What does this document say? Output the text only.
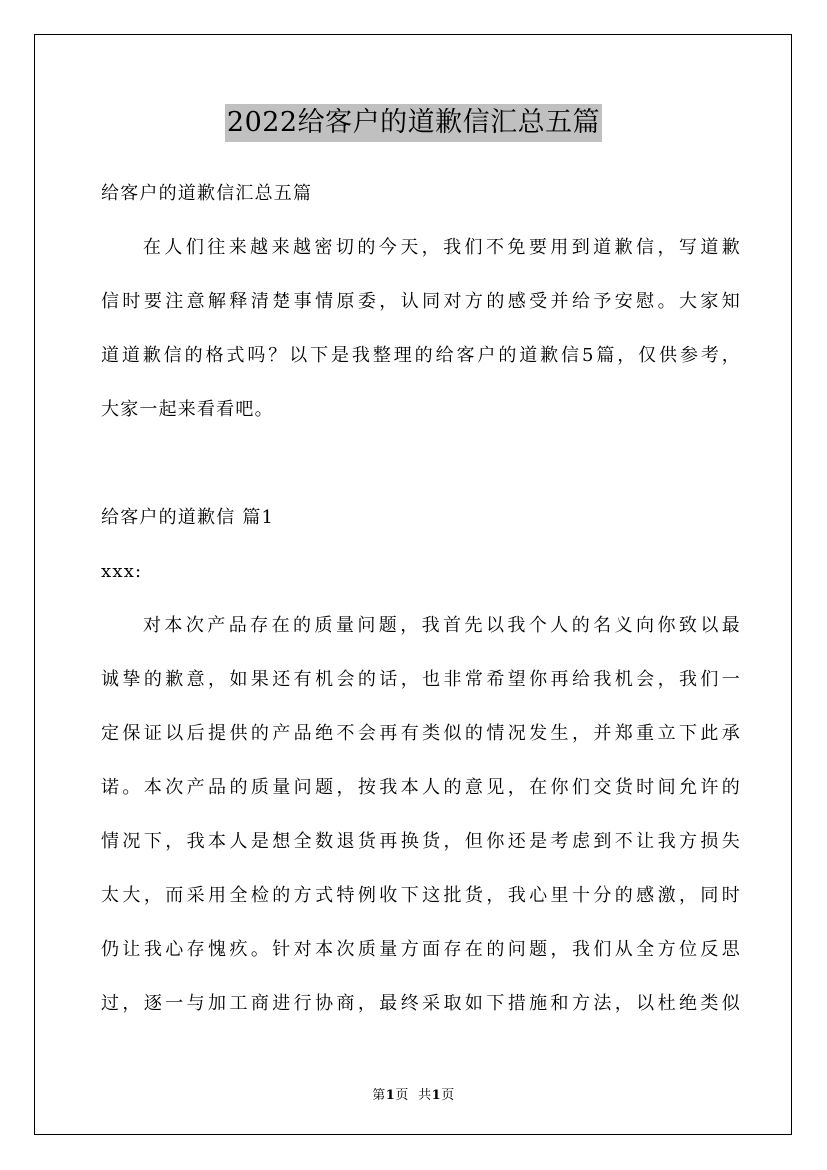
2022给客户的道歉信汇总五篇
给客户的道歉信汇总五篇
在人们往来越来越密切的今天，我们不免要用到道歉信，写道歉
信时要注意解释清楚事情原委，认同对方的感受并给予安慰。大家知
道道歉信的格式吗？以下是我整理的给客户的道歉信5篇，仅供参考，
大家一起来看看吧。
给客户的道歉信 篇1
xxx:
对本次产品存在的质量问题，我首先以我个人的名义向你致以最
诚挚的歉意，如果还有机会的话，也非常希望你再给我机会，我们一
定保证以后提供的产品绝不会再有类似的情况发生，并郑重立下此承
诺。本次产品的质量问题，按我本人的意见，在你们交货时间允许的
情况下，我本人是想全数退货再换货，但你还是考虑到不让我方损失
太大，而采用全检的方式特例收下这批货，我心里十分的感激，同时
仍让我心存愧疚。针对本次质量方面存在的问题，我们从全方位反思
过，逐一与加工商进行协商，最终采取如下措施和方法，以杜绝类似
第1页 共1页
